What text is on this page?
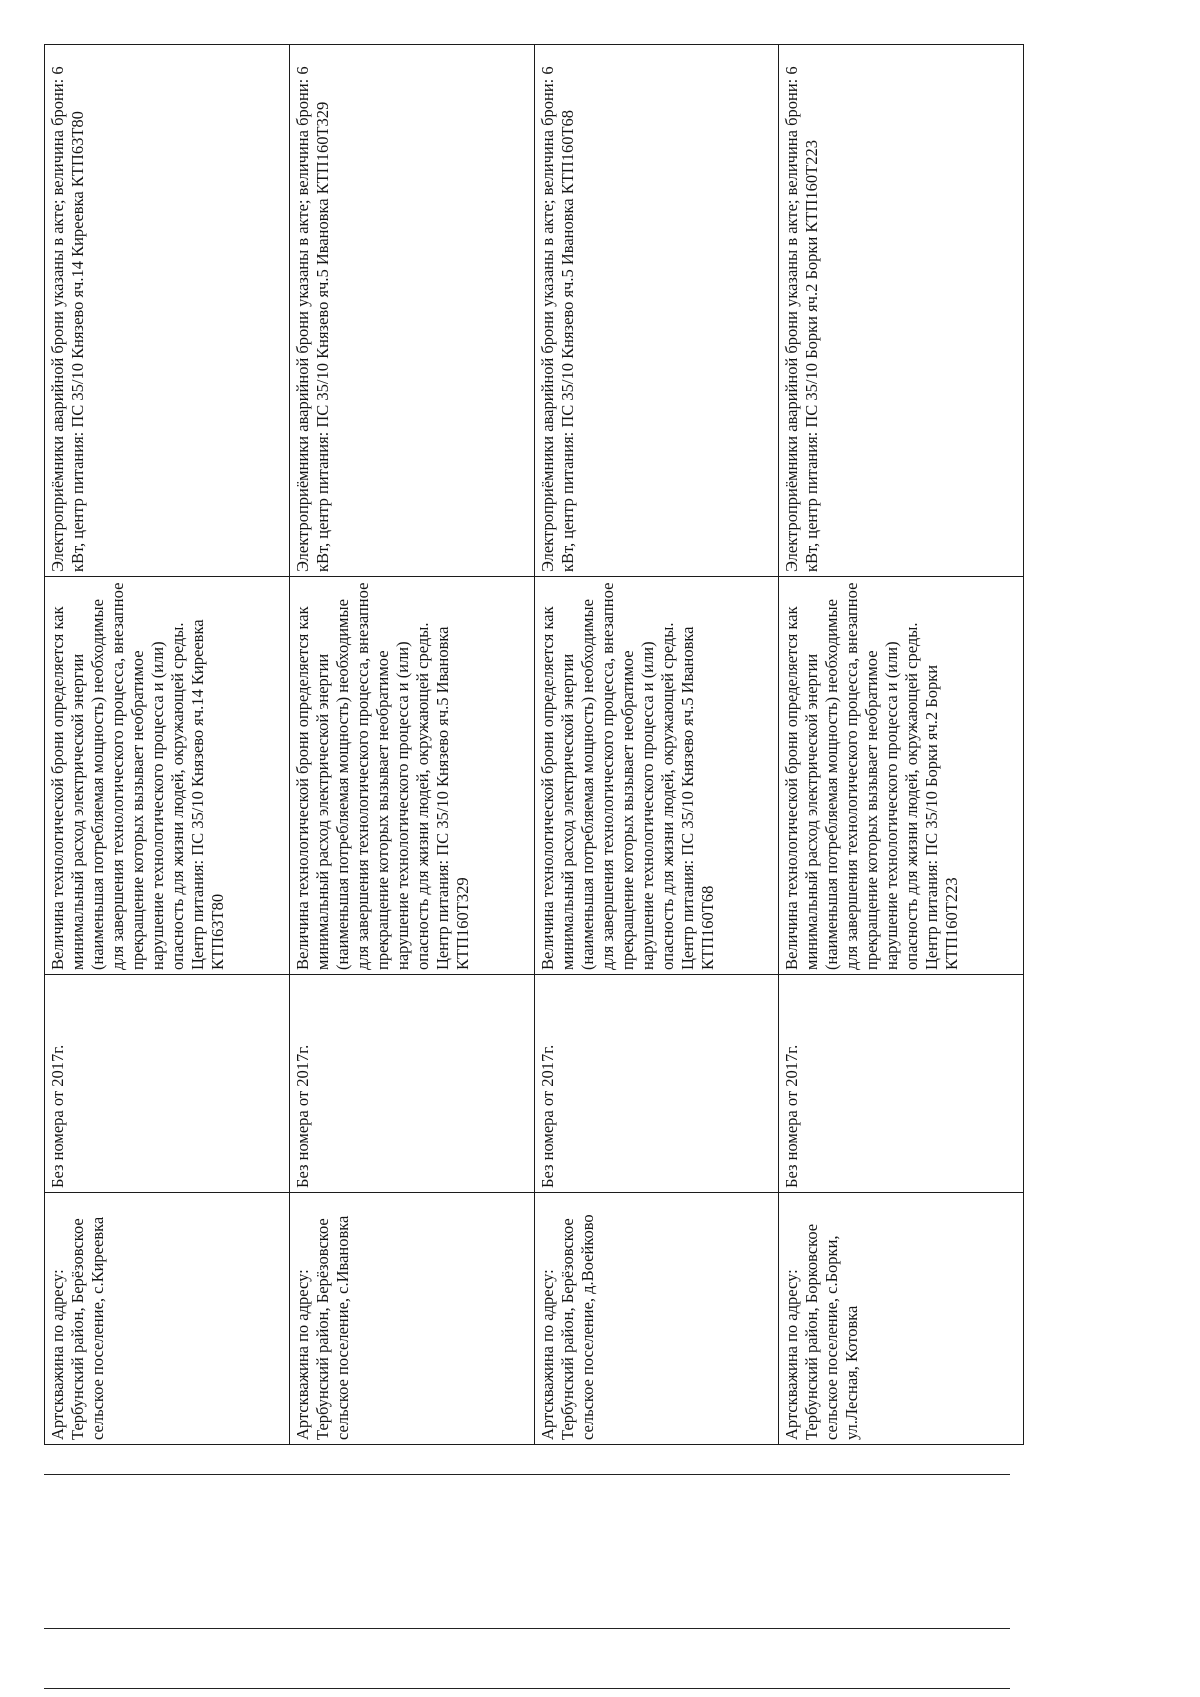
Артскважина по адресу: Тербунский район, Берёзовское сельское поселение, с.Киреевка	Без номера от 2017г.	Величина технологической брони определяется как минимальный расход электрической энергии (наименьшая потребляемая мощность) необходимые для завершения технологического процесса, внезапное прекращение которых вызывает необратимое нарушение технологического процесса и (или) опасность для жизни людей, окружающей среды. Центр питания: ПС 35/10 Князево яч.14 Киреевка КТП63Т80	Электроприёмники аварийной брони указаны в акте; величина брони: 6 кВт, центр питания: ПС 35/10 Князево яч.14 Киреевка КТП63Т80
Артскважина по адресу: Тербунский район, Берёзовское сельское поселение, с.Ивановка	Без номера от 2017г.	Величина технологической брони определяется как минимальный расход электрической энергии (наименьшая потребляемая мощность) необходимые для завершения технологического процесса, внезапное прекращение которых вызывает необратимое нарушение технологического процесса и (или) опасность для жизни людей, окружающей среды. Центр питания: ПС 35/10 Князево яч.5 Ивановка КТП160Т329	Электроприёмники аварийной брони указаны в акте; величина брони: 6 кВт, центр питания: ПС 35/10 Князево яч.5 Ивановка КТП160Т329
Артскважина по адресу: Тербунский район, Берёзовское сельское поселение, д.Воейково	Без номера от 2017г.	Величина технологической брони определяется как минимальный расход электрической энергии (наименьшая потребляемая мощность) необходимые для завершения технологического процесса, внезапное прекращение которых вызывает необратимое нарушение технологического процесса и (или) опасность для жизни людей, окружающей среды. Центр питания: ПС 35/10 Князево яч.5 Ивановка КТП160Т68	Электроприёмники аварийной брони указаны в акте; величина брони: 6 кВт, центр питания: ПС 35/10 Князево яч.5 Ивановка КТП160Т68
Артскважина по адресу: Тербунский район, Борковское сельское поселение, с.Борки, ул.Лесная, Котовка	Без номера от 2017г.	Величина технологической брони определяется как минимальный расход электрической энергии (наименьшая потребляемая мощность) необходимые для завершения технологического процесса, внезапное прекращение которых вызывает необратимое нарушение технологического процесса и (или) опасность для жизни людей, окружающей среды. Центр питания: ПС 35/10 Борки яч.2 Борки КТП160Т223	Электроприёмники аварийной брони указаны в акте; величина брони: 6 кВт, центр питания: ПС 35/10 Борки яч.2 Борки КТП160Т223
